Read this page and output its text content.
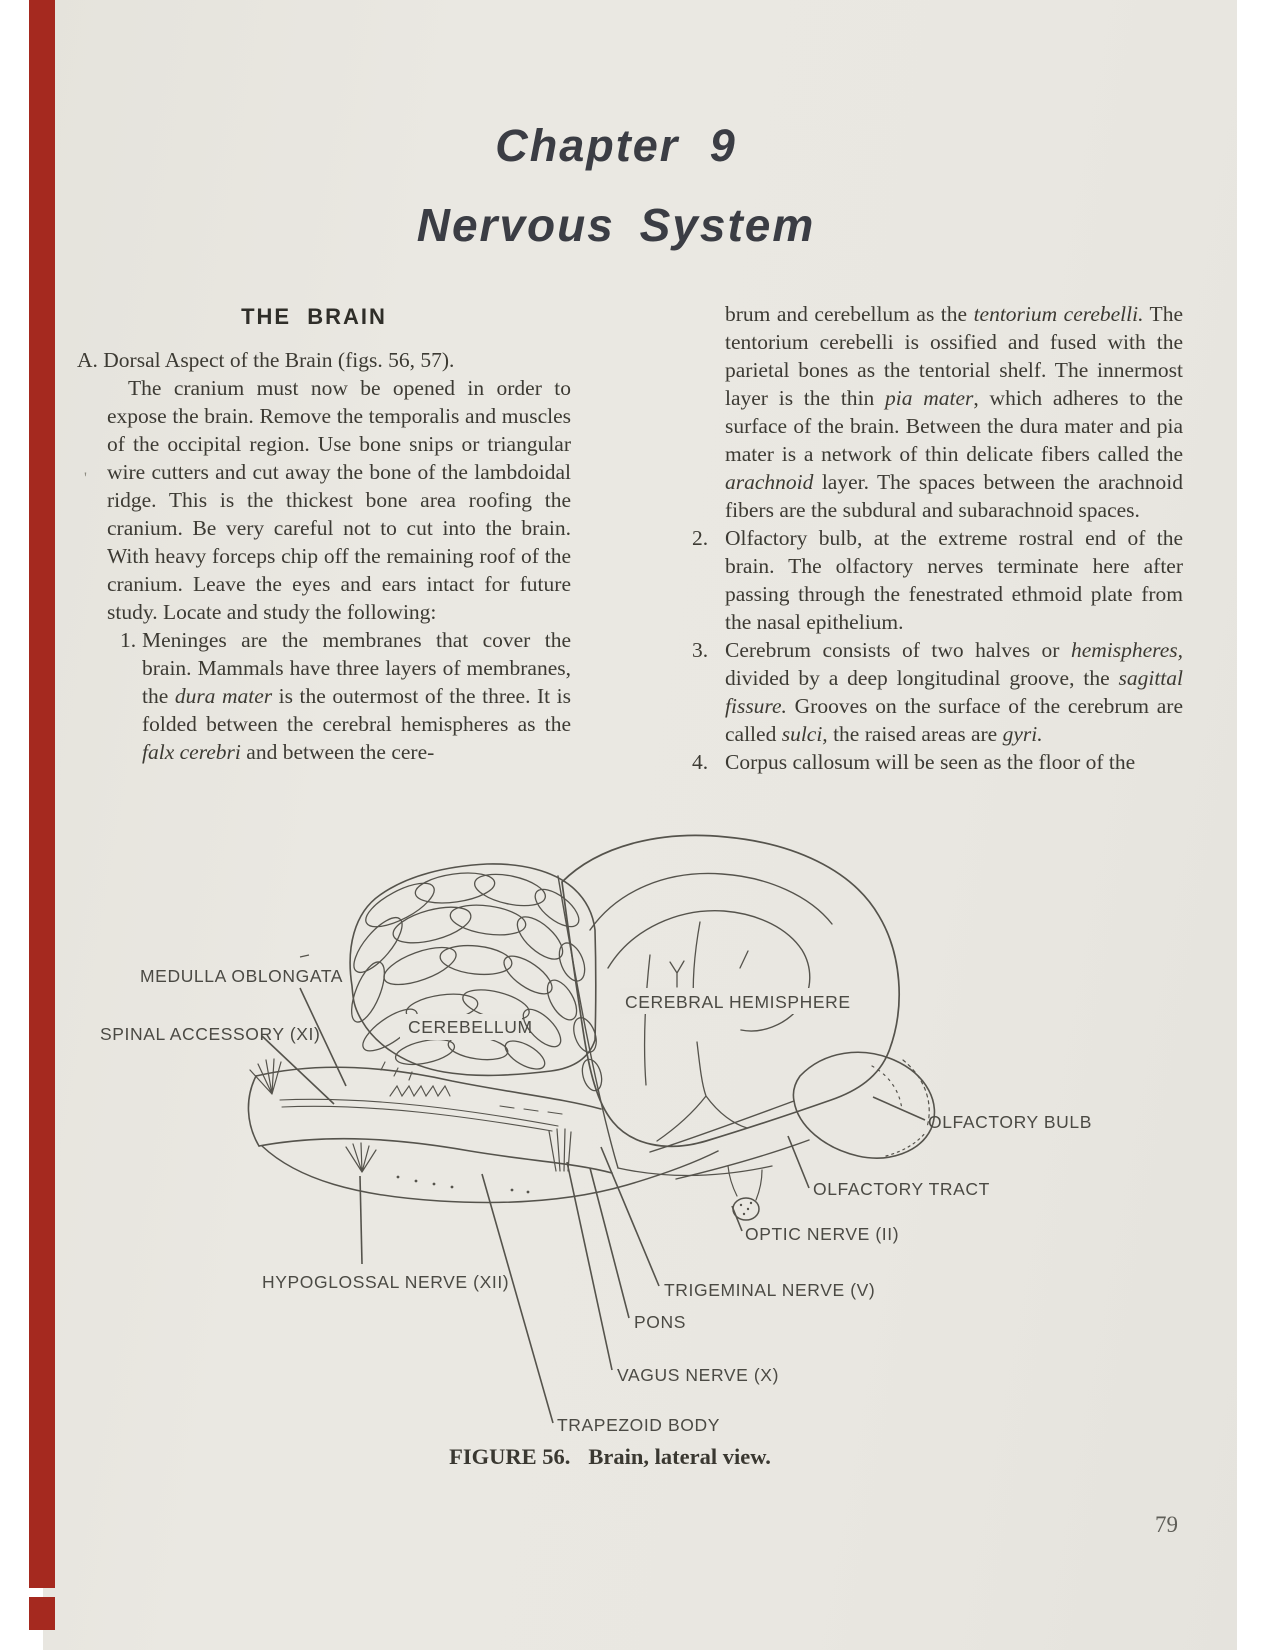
Chapter 9
Nervous System
'
THE BRAIN
A. Dorsal Aspect of the Brain (figs. 56, 57).
The cranium must now be opened in order to expose the brain. Remove the temporalis and muscles of the occipital region. Use bone snips or triangular wire cutters and cut away the bone of the lambdoidal ridge. This is the thickest bone area roofing the cranium. Be very careful not to cut into the brain. With heavy forceps chip off the remaining roof of the cranium. Leave the eyes and ears intact for future study. Locate and study the following:
1. Meninges are the membranes that cover the brain. Mammals have three layers of membranes, the dura mater is the outermost of the three. It is folded between the cerebral hemispheres as the falx cerebri and between the cere-
brum and cerebellum as the tentorium cerebelli. The tentorium cerebelli is ossified and fused with the parietal bones as the tentorial shelf. The innermost layer is the thin pia mater, which adheres to the surface of the brain. Between the dura mater and pia mater is a network of thin delicate fibers called the arachnoid layer. The spaces between the arachnoid fibers are the subdural and subarachnoid spaces.
2. Olfactory bulb, at the extreme rostral end of the brain. The olfactory nerves terminate here after passing through the fenestrated ethmoid plate from the nasal epithelium.
3. Cerebrum consists of two halves or hemispheres, divided by a deep longitudinal groove, the sagittal fissure. Grooves on the surface of the cerebrum are called sulci, the raised areas are gyri.
4. Corpus callosum will be seen as the floor of the
MEDULLA OBLONGATA
SPINAL ACCESSORY (XI)	CEREBELLUM
CEREBRAL HEMISPHERE
OLFACTORY BULB
OLFACTORY TRACT
OPTIC NERVE (II)
TRIGEMINAL NERVE (V)
PONS
VAGUS NERVE (X)
TRAPEZOID BODY
HYPOGLOSSAL NERVE (XII)
FIGURE 56. Brain, lateral view.
79
